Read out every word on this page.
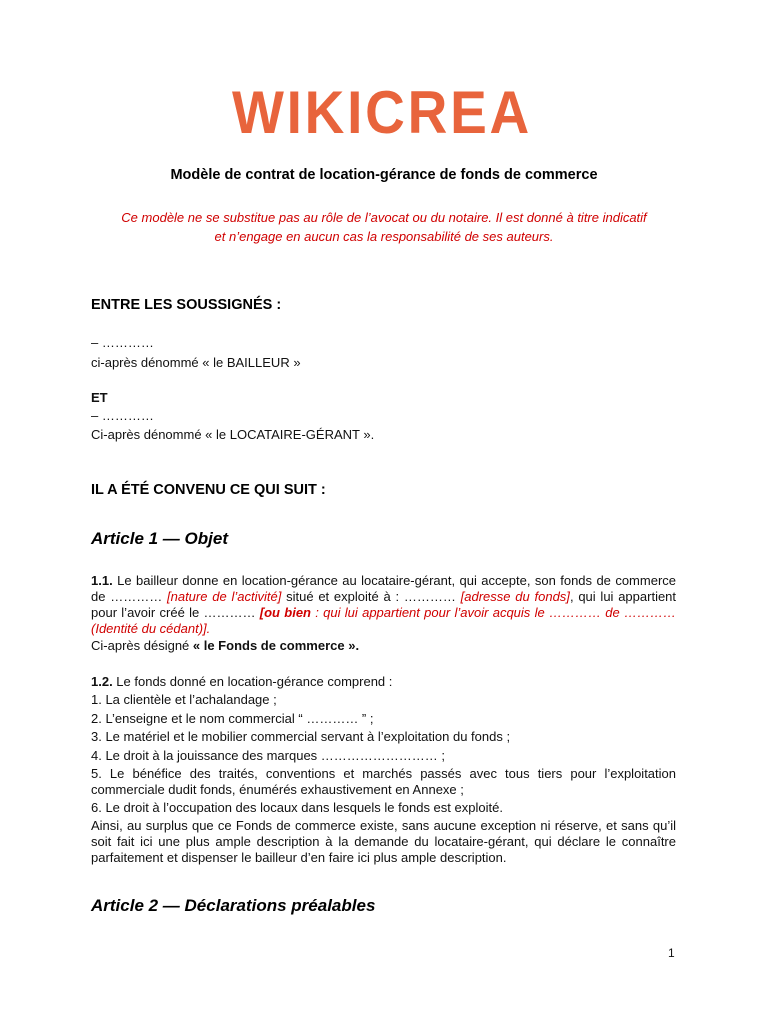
WIKICREA
Modèle de contrat de location-gérance de fonds de commerce
Ce modèle ne se substitue pas au rôle de l’avocat ou du notaire. Il est donné à titre indicatif
et n’engage en aucun cas la responsabilité de ses auteurs.
ENTRE LES SOUSSIGNÉS :
– …………
ci-après dénommé « le BAILLEUR »
ET
– …………
Ci-après dénommé « le LOCATAIRE-GÉRANT ».
IL A ÉTÉ CONVENU CE QUI SUIT :
Article 1 — Objet
1.1. Le bailleur donne en location-gérance au locataire-gérant, qui accepte, son fonds de commerce de ………… [nature de l’activité] situé et exploité à : ………… [adresse du fonds], qui lui appartient pour l’avoir créé le ………… [ou bien : qui lui appartient pour l’avoir acquis le ………… de ………… (Identité du cédant)].
Ci-après désigné « le Fonds de commerce ».
1.2. Le fonds donné en location-gérance comprend :
1. La clientèle et l’achalandage ;
2. L’enseigne et le nom commercial “ ………… ” ;
3. Le matériel et le mobilier commercial servant à l’exploitation du fonds ;
4. Le droit à la jouissance des marques ……………………… ;
5. Le bénéfice des traités, conventions et marchés passés avec tous tiers pour l’exploitation commerciale dudit fonds, énumérés exhaustivement en Annexe ;
6. Le droit à l’occupation des locaux dans lesquels le fonds est exploité.
Ainsi, au surplus que ce Fonds de commerce existe, sans aucune exception ni réserve, et sans qu’il soit fait ici une plus ample description à la demande du locataire-gérant, qui déclare le connaître parfaitement et dispenser le bailleur d’en faire ici plus ample description.
Article 2 — Déclarations préalables
1
